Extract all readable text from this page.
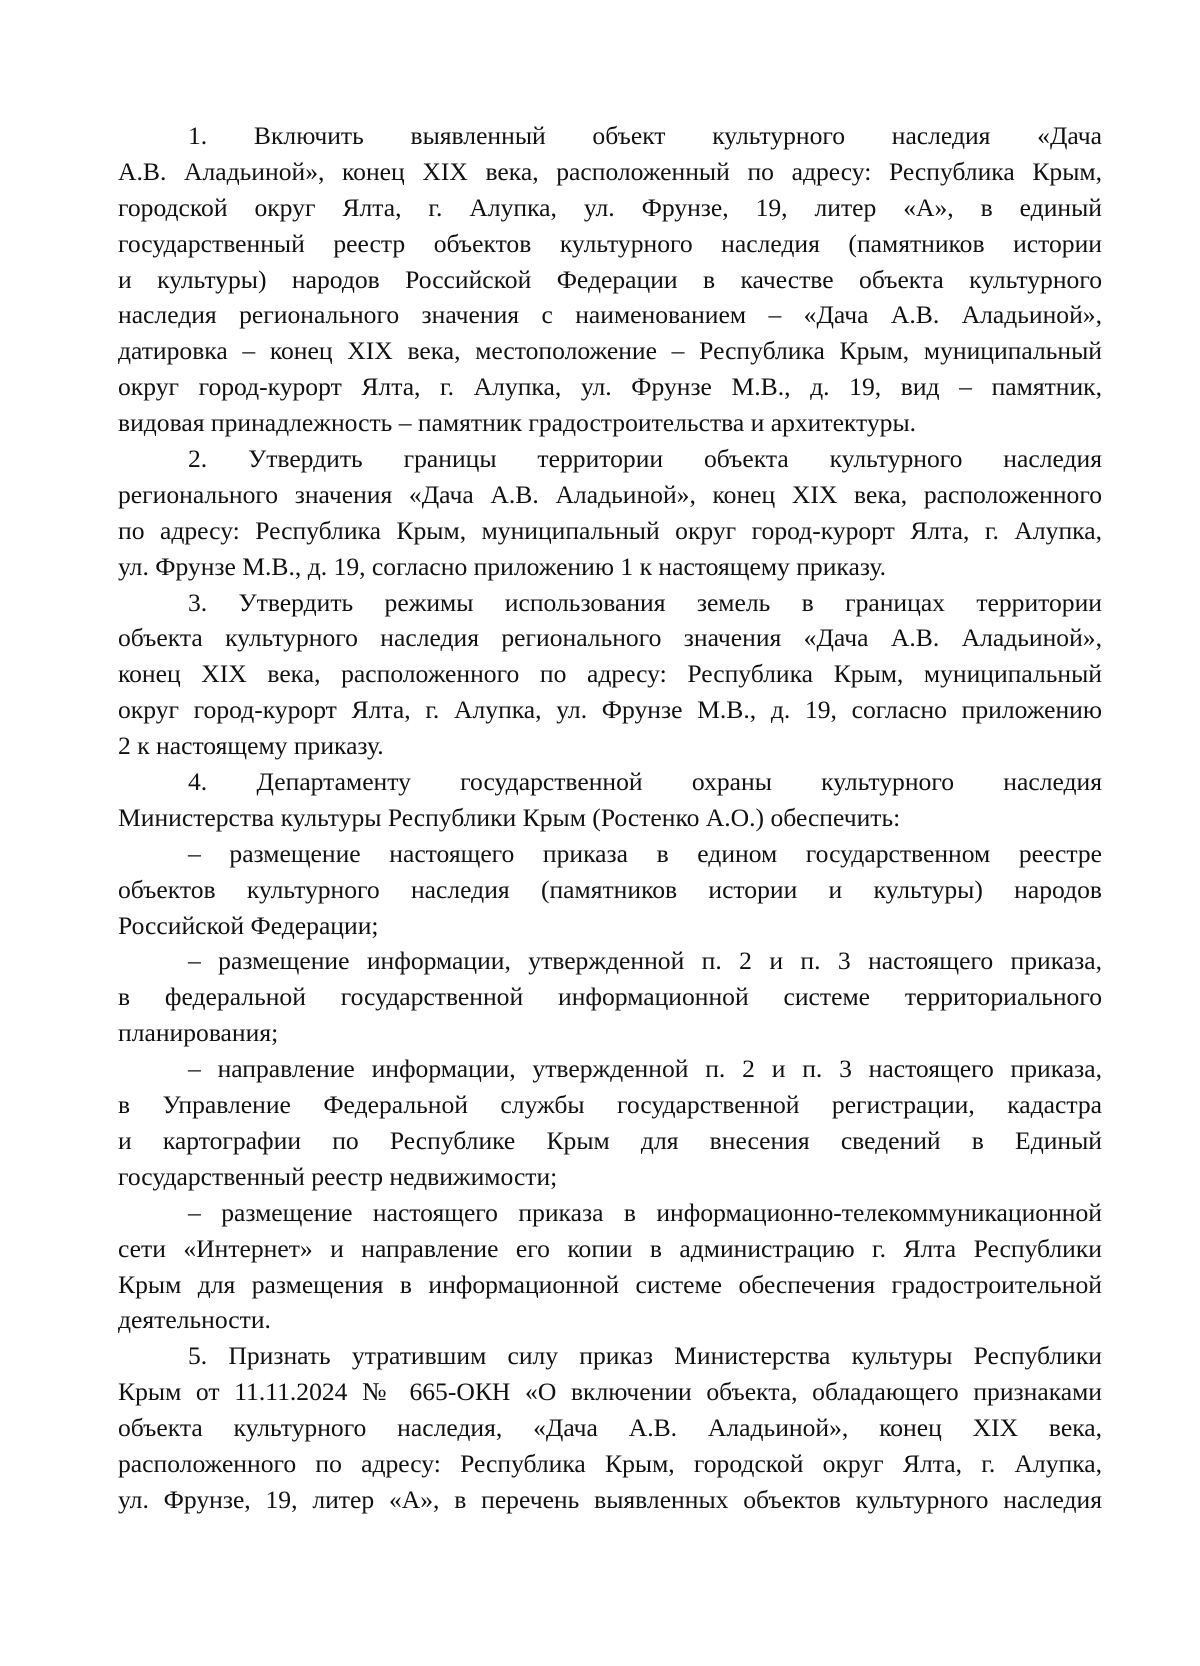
1. Включить выявленный объект культурного наследия «Дача
А.В. Аладьиной», конец XIX века, расположенный по адресу: Республика Крым,
городской округ Ялта, г. Алупка, ул. Фрунзе, 19, литер «А», в единый
государственный реестр объектов культурного наследия (памятников истории
и культуры) народов Российской Федерации в качестве объекта культурного
наследия регионального значения с наименованием – «Дача А.В. Аладьиной»,
датировка – конец XIX века, местоположение – Республика Крым, муниципальный
округ город-курорт Ялта, г. Алупка, ул. Фрунзе М.В., д. 19, вид – памятник,
видовая принадлежность – памятник градостроительства и архитектуры.
2. Утвердить границы территории объекта культурного наследия
регионального значения «Дача А.В. Аладьиной», конец XIX века, расположенного
по адресу: Республика Крым, муниципальный округ город-курорт Ялта, г. Алупка,
ул. Фрунзе М.В., д. 19, согласно приложению 1 к настоящему приказу.
3. Утвердить режимы использования земель в границах территории
объекта культурного наследия регионального значения «Дача А.В. Аладьиной»,
конец XIX века, расположенного по адресу: Республика Крым, муниципальный
округ город-курорт Ялта, г. Алупка, ул. Фрунзе М.В., д. 19, согласно приложению
2 к настоящему приказу.
4. Департаменту государственной охраны культурного наследия
Министерства культуры Республики Крым (Ростенко А.О.) обеспечить:
– размещение настоящего приказа в едином государственном реестре
объектов культурного наследия (памятников истории и культуры) народов
Российской Федерации;
– размещение информации, утвержденной п. 2 и п. 3 настоящего приказа,
в федеральной государственной информационной системе территориального
планирования;
– направление информации, утвержденной п. 2 и п. 3 настоящего приказа,
в Управление Федеральной службы государственной регистрации, кадастра
и картографии по Республике Крым для внесения сведений в Единый
государственный реестр недвижимости;
– размещение настоящего приказа в информационно-телекоммуникационной
сети «Интернет» и направление его копии в администрацию г. Ялта Республики
Крым для размещения в информационной системе обеспечения градостроительной
деятельности.
5. Признать утратившим силу приказ Министерства культуры Республики
Крым от 11.11.2024 № 665-ОКН «О включении объекта, обладающего признаками
объекта культурного наследия, «Дача А.В. Аладьиной», конец XIX века,
расположенного по адресу: Республика Крым, городской округ Ялта, г. Алупка,
ул. Фрунзе, 19, литер «А», в перечень выявленных объектов культурного наследия
